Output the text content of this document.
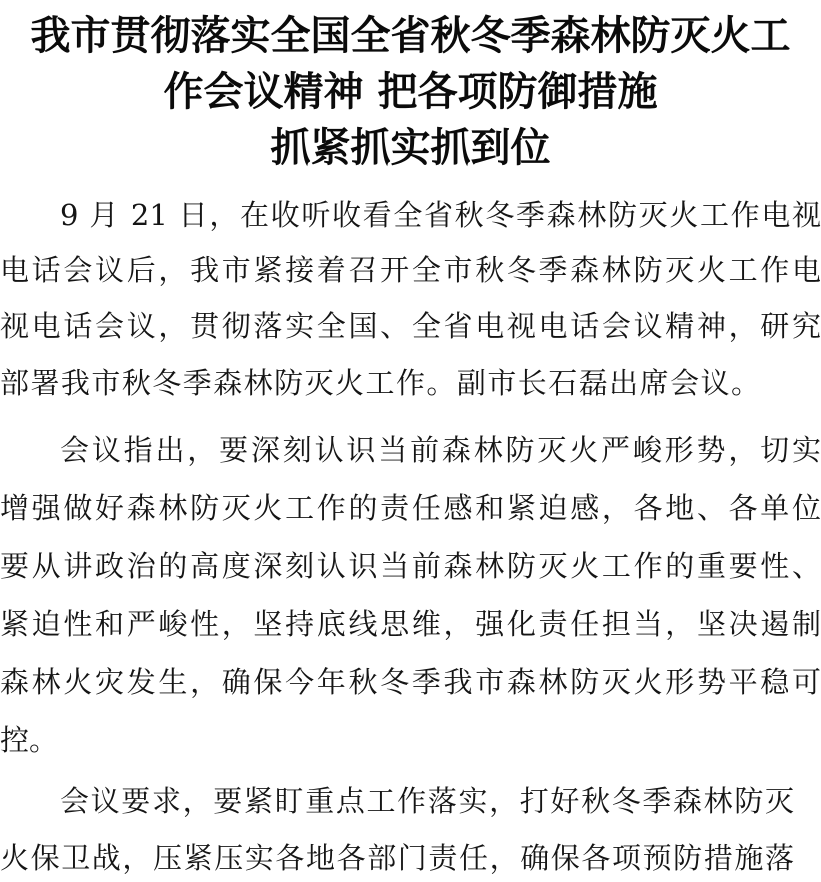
我市贯彻落实全国全省秋冬季森林防灭火工
作会议精神 把各项防御措施
抓紧抓实抓到位
9 月 21 日，在收听收看全省秋冬季森林防灭火工作电视
电话会议后，我市紧接着召开全市秋冬季森林防灭火工作电
视电话会议，贯彻落实全国、全省电视电话会议精神，研究
部署我市秋冬季森林防灭火工作。副市长石磊出席会议。
会议指出，要深刻认识当前森林防灭火严峻形势，切实
增强做好森林防灭火工作的责任感和紧迫感，各地、各单位
要从讲政治的高度深刻认识当前森林防灭火工作的重要性、
紧迫性和严峻性，坚持底线思维，强化责任担当，坚决遏制
森林火灾发生，确保今年秋冬季我市森林防灭火形势平稳可
控。
会议要求，要紧盯重点工作落实，打好秋冬季森林防灭
火保卫战，压紧压实各地各部门责任，确保各项预防措施落
